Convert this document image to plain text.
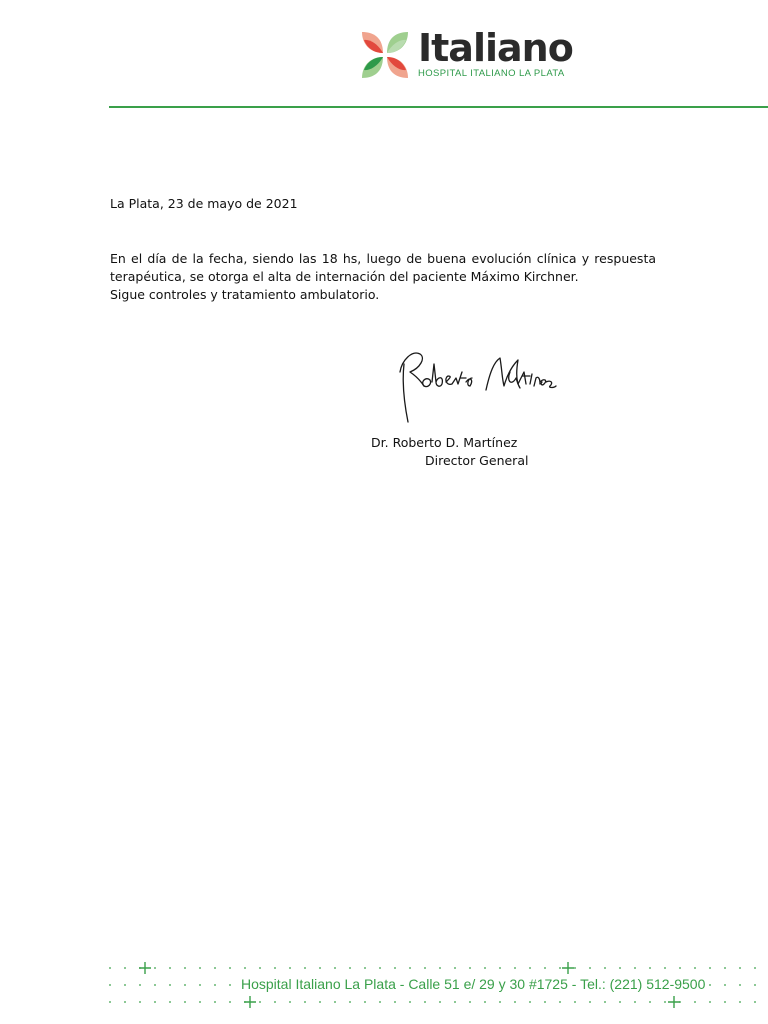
Italiano
HOSPITAL ITALIANO LA PLATA
La Plata, 23 de mayo de 2021
En el día de la fecha, siendo las 18 hs, luego de buena evolución clínica y respuesta terapéutica, se otorga el alta de internación del paciente Máximo Kirchner.
Sigue controles y tratamiento ambulatorio.
Dr. Roberto D. Martínez
Director General
Hospital Italiano La Plata - Calle 51 e/ 29 y 30 #1725 - Tel.: (221) 512-9500
